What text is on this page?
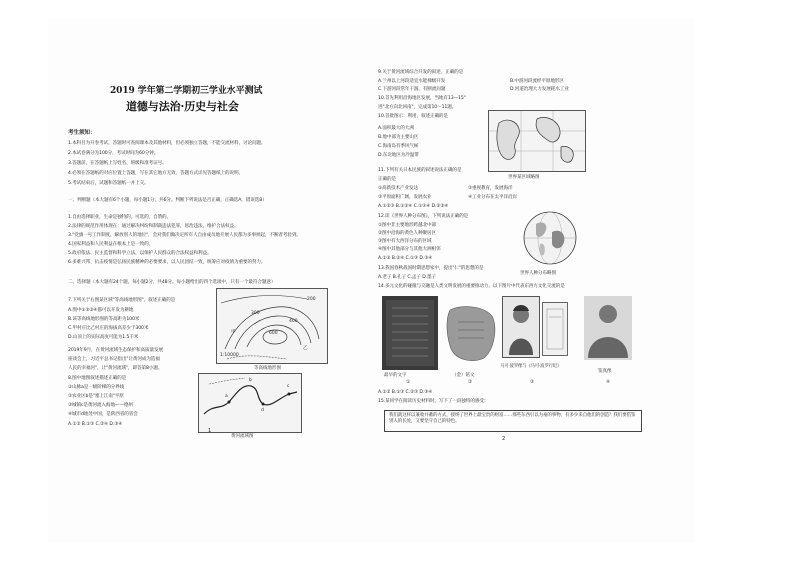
2019 学年第二学期初三学业水平测试
道德与法治·历史与社会
考生须知：
1.本科目为开卷考试，答题时可查阅课本及其他材料，但必须独立答题，不能交流材料、讨论问题。
2.本试卷满分为100分，考试时间为60分钟。
3.答题前，在答题纸上写姓名、班级和准考证号。
4.必须在答题纸的对应位置上答题，写在其它地方无效，答题方式详见答题纸上的说明。
5.考试结束后，试题和答题纸一并上交。
一、判断题（本大题有6个小题，每小题1分，共6分。判断下列说法是否正确，正确选A，错误选B）
1.自由选择职业，生命是独特的，可选的，自赞的。
2.法律的规范作用体现在：通过解决纠纷和制裁违法犯罪，惩治违法，维护合法权益。
3."党旗一号工作制度，解放别人的地位"，会对我们做决定所有人自由成员地开展人民都为多事掉起，不断者考验到。
4.国家利益和人民利益在根本上是一致的。
5.政府依法、民主监督和科学立法，以保护人民群众的合法权益和利益。
6.多难兴邦、抗击疫情是弘扬民族精神的必要要求，以人民团结一致，统筹应对疫情为重要的努力。
二、选择题（本大题有24个题，每小题2分，共48分。每小题给出的四个选项中，只有一个最符合题意）
7.下列关于右图某区域"等高线地形图"，叙述正确的是
A.图中①②③④都可以开发为耕地
B.该等高线地形图的等高距为100米
C.甲村庄比乙村庄的海拔高差少于300米
D.山顶上的实际高度可能为1.5千米
600
300
400
200
甲
乙
1:10000
等高线地形图
2019年9月，在黄河流域生态保护和高质量发展
座谈会上，习近平总书记指出"让黄河成为造福
人民的幸福河"，让"黄河流域"，即答第8小题。
8.图中地图叙述描述正确的是
①山脉a是一级阶梯的分界线
②农业区b是"塞上江南"平原
③城镇c是黄河流入海地——德州
④城市d地处中国，是陕西省的省会
A.①② B.①③ C.②④ D.③④
a
b
c
d
黄河流域图
1
9.关于黄河流域综合开发的叙述，正确的是
A.兰州以上河段适宜水能梯级开发	B.中游河段流经平原地形区
C.下游河段常年干涸，有断流问题	D.河道治理大力发展耗水工业
10.首先利用沿海地区发展，当地有13—15°
进"北方向北回南"，完成第10～11题。
10.首批图示：利用，叙述正确的是
A.面积最大的大洲
B.地中部为主要山区
C.海南岛有季风气候
D.东北地区为冷温带
世界某区域略图
11.下列有关日本民族的叙述说法正确的是
正确的是
①高新技术产业发达	②重视教育，发展海洋
③平原面积广阔，发展农业	④工业分布在太平洋沿岸
A.①②③ B.①②④ C.①③④ D.②③④
12.读《世界人种分布图》，下列说法正确的是
①图中非主要地形跨越北中部
②图中沿海的黄色人种聚居区
③图中有大西洋分布的区域
④图中其他部分与其他大洲相邻
A.①② B.②④ C.①③ D.③④
世界人种分布略图
13.我国春秋战国时期思想家中，提出"仁"的思想的是
A.老子 B.孔子 C.孟子 D.墨子
14.多元文化的碰撞与交融是人类文明发展的重要推动力，以下图片中代表东西方文化交流的是
最早的文字	（金）铭文
马可·波罗像与《马可·波罗行纪》
鉴真像
①	②	③	④
A.①② B.①③ C.②③ D.③④
15.某同学在阅读历史材料时，写下了一段独特的感受：
我们就这样以兼收并蓄的方式，接纳了世界上最宝贵的财富……那些东西引以为豪的事物，有多少来自他们的创造？我们要借鉴别人的长处，又要坚守自己的特色。
2
